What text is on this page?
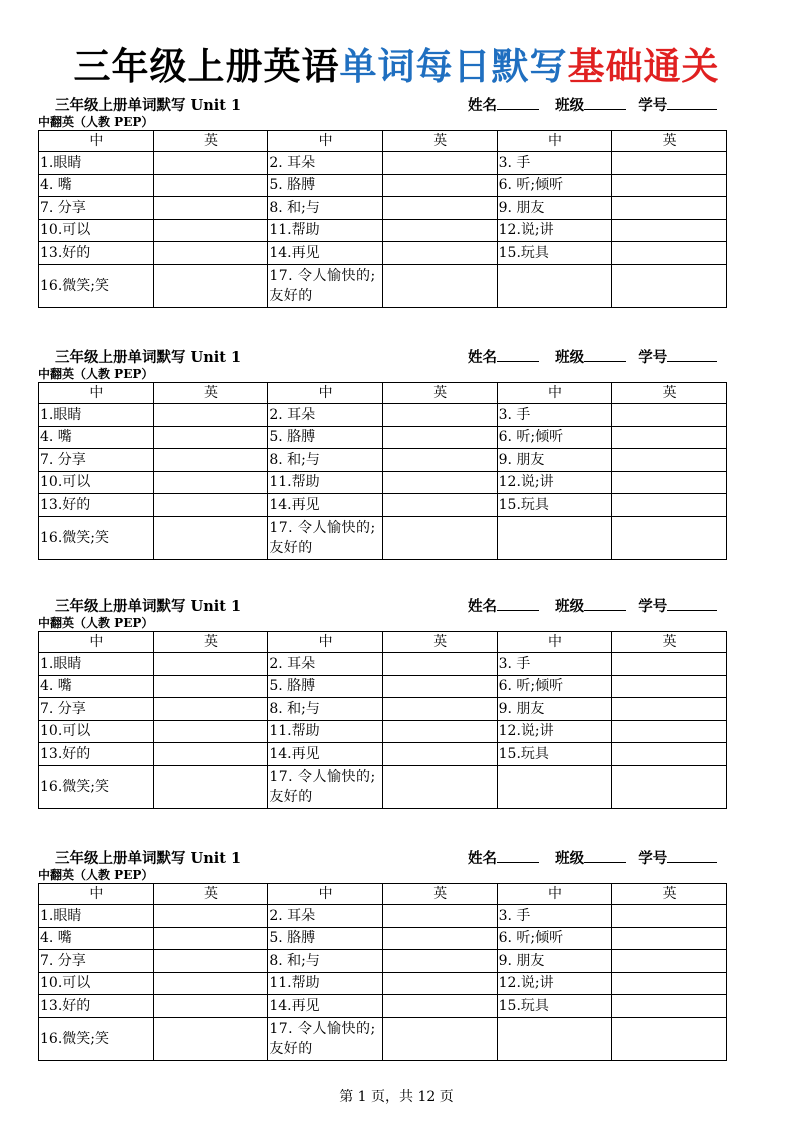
三年级上册英语单词每日默写基础通关
三年级上册单词默写 Unit 1	姓名	班级	学号
中翻英（人教 PEP）
中	英	中	英	中	英
1.眼睛		2. 耳朵		3. 手	
4. 嘴		5. 胳膊		6. 听;倾听	
7. 分享		8. 和;与		9. 朋友	
10.可以		11.帮助		12.说;讲	
13.好的		14.再见		15.玩具	
16.微笑;笑		17. 令人愉快的;友好的			
三年级上册单词默写 Unit 1	姓名	班级	学号
中翻英（人教 PEP）
中	英	中	英	中	英
1.眼睛		2. 耳朵		3. 手	
4. 嘴		5. 胳膊		6. 听;倾听	
7. 分享		8. 和;与		9. 朋友	
10.可以		11.帮助		12.说;讲	
13.好的		14.再见		15.玩具	
16.微笑;笑		17. 令人愉快的;友好的			
三年级上册单词默写 Unit 1	姓名	班级	学号
中翻英（人教 PEP）
中	英	中	英	中	英
1.眼睛		2. 耳朵		3. 手	
4. 嘴		5. 胳膊		6. 听;倾听	
7. 分享		8. 和;与		9. 朋友	
10.可以		11.帮助		12.说;讲	
13.好的		14.再见		15.玩具	
16.微笑;笑		17. 令人愉快的;友好的			
三年级上册单词默写 Unit 1	姓名	班级	学号
中翻英（人教 PEP）
中	英	中	英	中	英
1.眼睛		2. 耳朵		3. 手	
4. 嘴		5. 胳膊		6. 听;倾听	
7. 分享		8. 和;与		9. 朋友	
10.可以		11.帮助		12.说;讲	
13.好的		14.再见		15.玩具	
16.微笑;笑		17. 令人愉快的;友好的			
第 1 页，共 12 页
